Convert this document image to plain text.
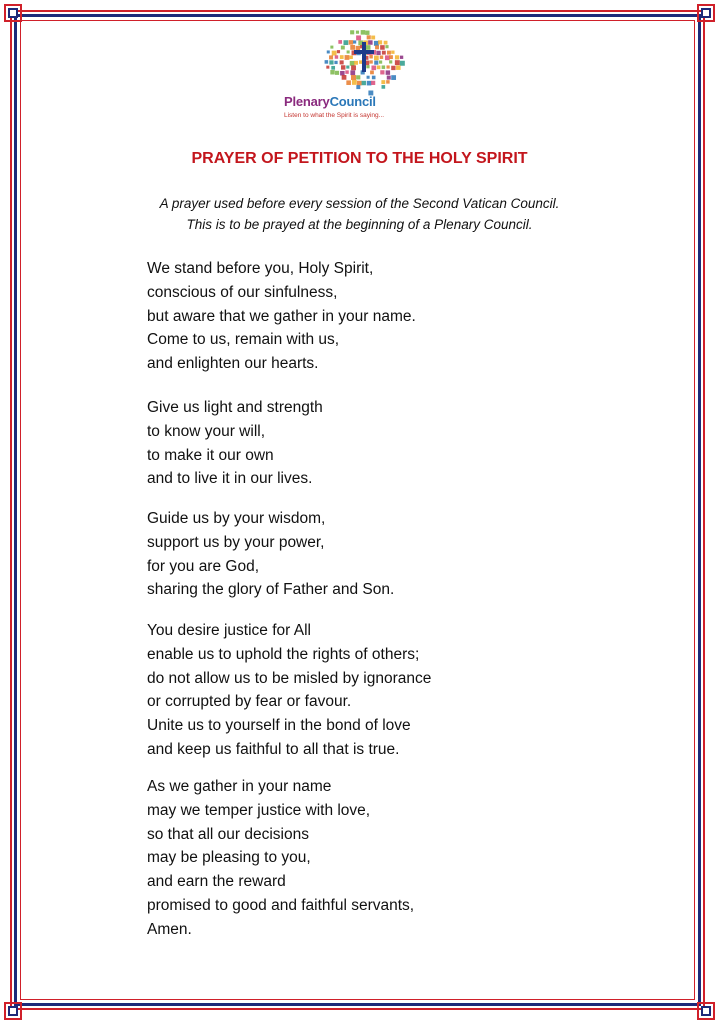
PlenaryCouncil
Listen to what the Spirit is saying...
PRAYER OF PETITION TO THE HOLY SPIRIT
A prayer used before every session of the Second Vatican Council.
This is to be prayed at the beginning of a Plenary Council.
We stand before you, Holy Spirit,
conscious of our sinfulness,
but aware that we gather in your name.
Come to us, remain with us,
and enlighten our hearts.
Give us light and strength
to know your will,
to make it our own
and to live it in our lives.
Guide us by your wisdom,
support us by your power,
for you are God,
sharing the glory of Father and Son.
You desire justice for All
enable us to uphold the rights of others;
do not allow us to be misled by ignorance
or corrupted by fear or favour.
Unite us to yourself in the bond of love
and keep us faithful to all that is true.
As we gather in your name
may we temper justice with love,
so that all our decisions
may be pleasing to you,
and earn the reward
promised to good and faithful servants,
Amen.
